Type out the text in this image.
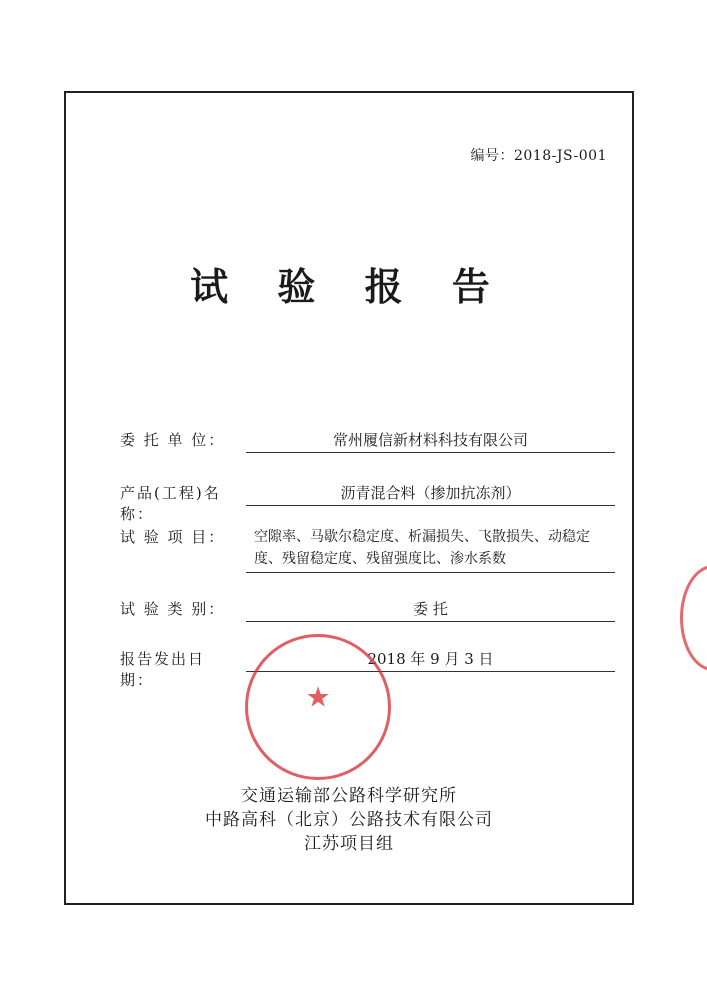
编号：2018-JS-001
试 验 报 告
委 托 单 位：	常州履信新材料科技有限公司
产品(工程)名称：
沥青混合料（掺加抗冻剂）
试 验 项 目：	空隙率、马歇尔稳定度、析漏损失、飞散损失、动稳定度、残留稳定度、残留强度比、渗水系数
试 验 类 别：	委 托
报告发出日期：
2018 年 9 月 3 日
交通运输部公路科学研究所
中路高科（北京）公路技术有限公司
江苏项目组
★
